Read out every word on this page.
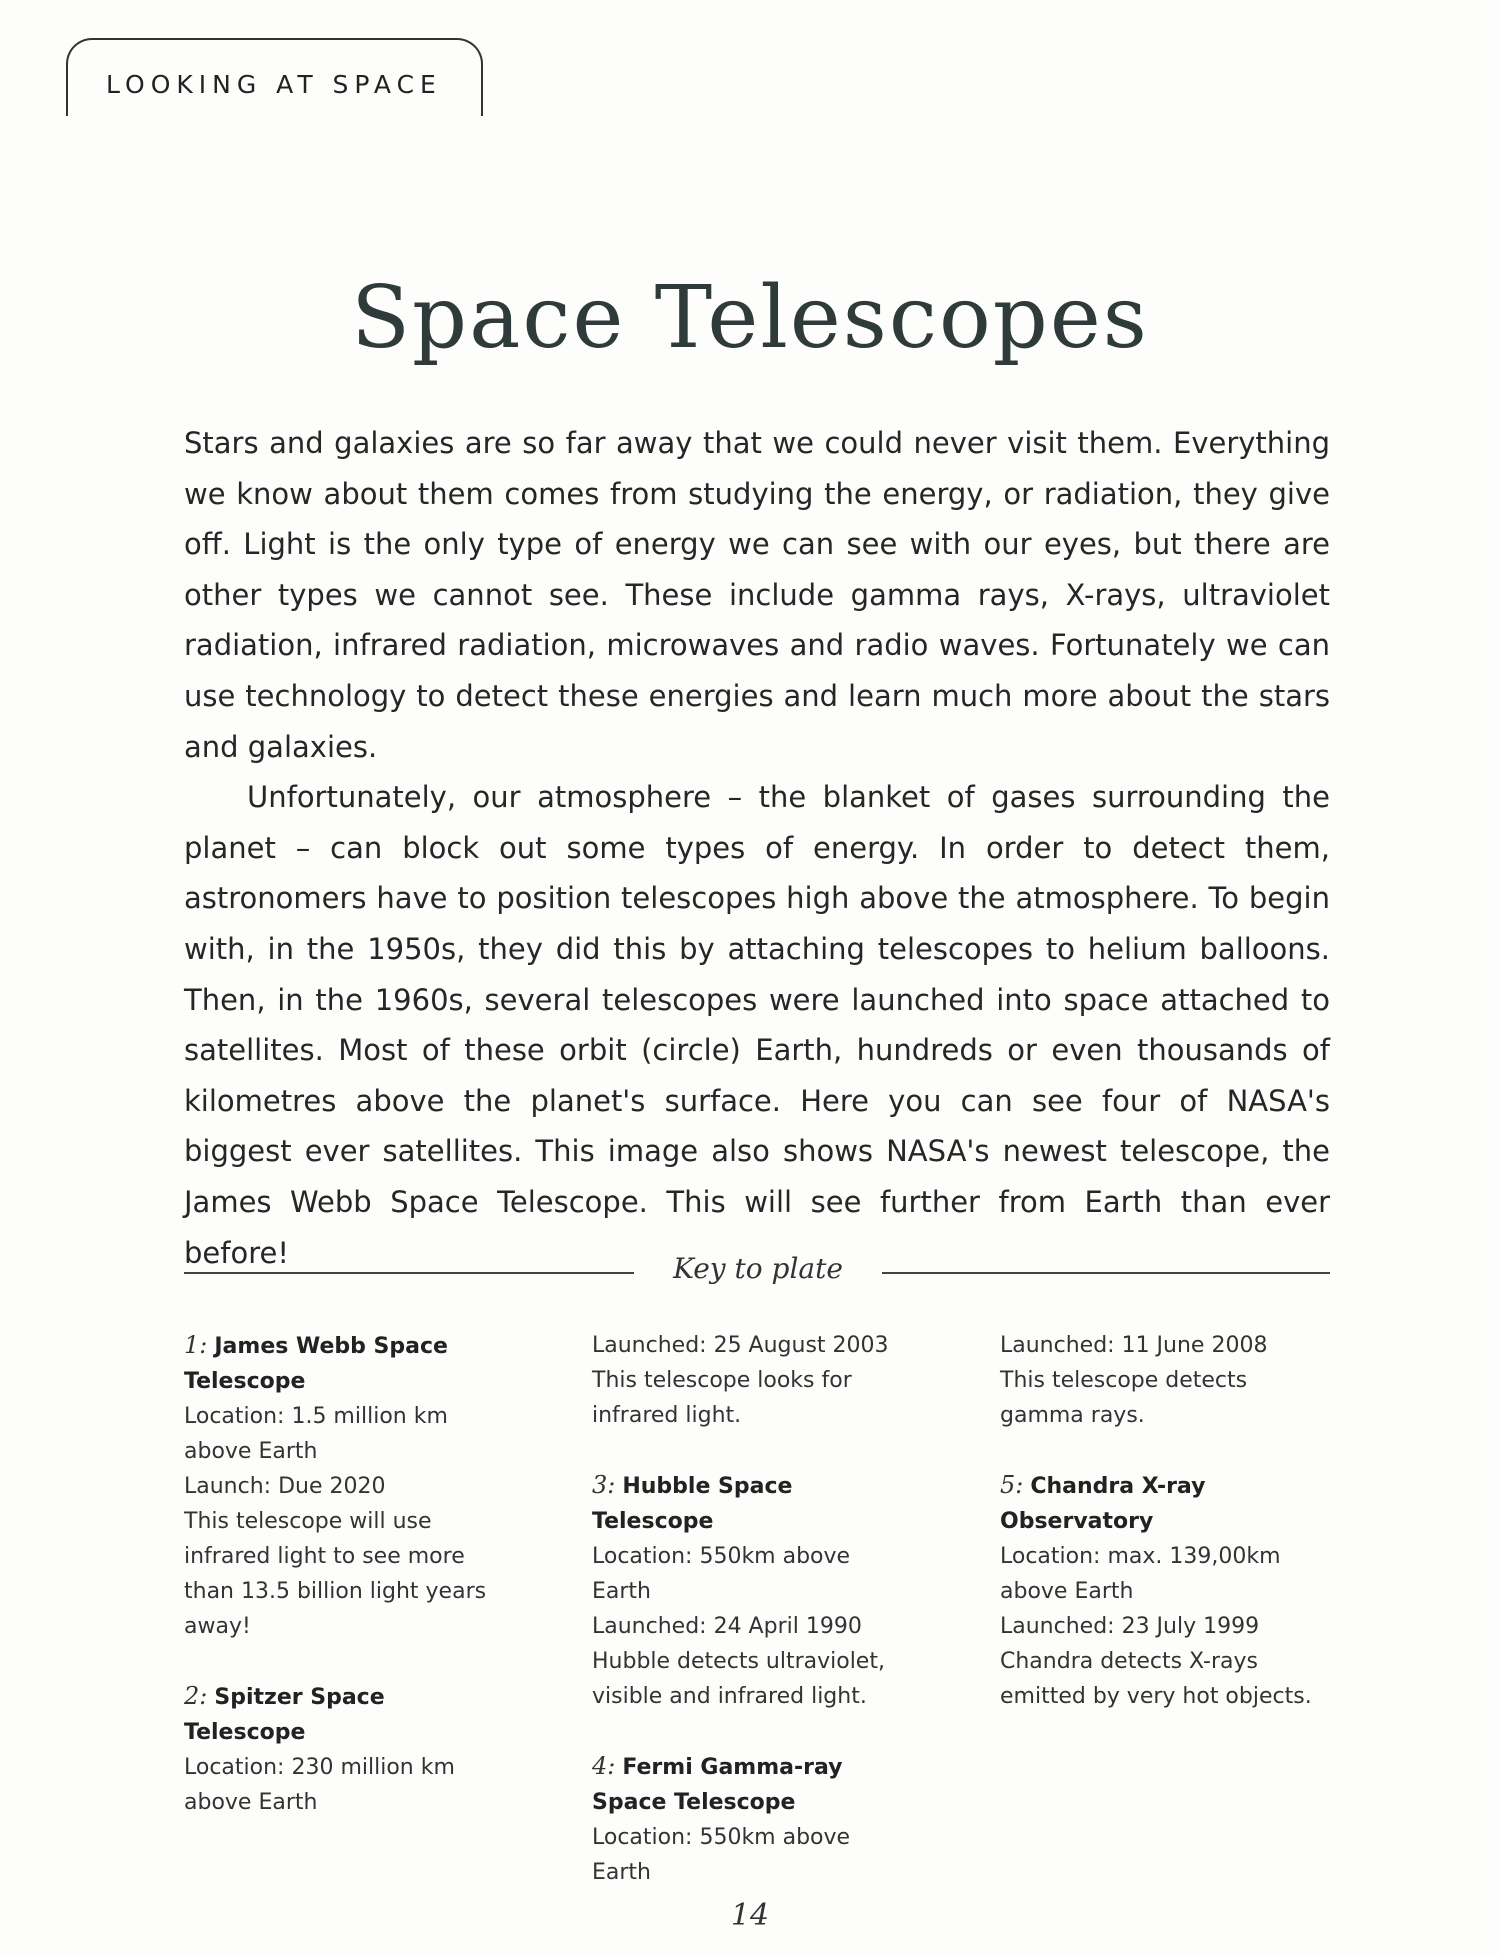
LOOKING AT SPACE
Space Telescopes

Stars and galaxies are so far away that we could never visit them. Everything we know about them comes from studying the energy, or radiation, they give off. Light is the only type of energy we can see with our eyes, but there are other types we cannot see. These include gamma rays, X-rays, ultraviolet radiation, infrared radiation, microwaves and radio waves. Fortunately we can use technology to detect these energies and learn much more about the stars and galaxies.

Unfortunately, our atmosphere – the blanket of gases surrounding the planet – can block out some types of energy. In order to detect them, astronomers have to position telescopes high above the atmosphere. To begin with, in the 1950s, they did this by attaching telescopes to helium balloons. Then, in the 1960s, several telescopes were launched into space attached to satellites. Most of these orbit (circle) Earth, hundreds or even thousands of kilometres above the planet's surface. Here you can see four of NASA's biggest ever satellites. This image also shows NASA's newest telescope, the James Webb Space Telescope. This will see further from Earth than ever before!	Key to plate
1: James Webb Space Telescope
Location: 1.5 million km above Earth
Launch: Due 2020
This telescope will use infrared light to see more than 13.5 billion light years away!
2: Spitzer Space Telescope
Location: 230 million km above Earth
Launched: 25 August 2003
This telescope looks for infrared light.
3: Hubble Space Telescope
Location: 550km above Earth
Launched: 24 April 1990
Hubble detects ultraviolet, visible and infrared light.
4: Fermi Gamma-ray Space Telescope
Location: 550km above Earth
Launched: 11 June 2008
This telescope detects gamma rays.
5: Chandra X-ray Observatory
Location: max. 139,00km above Earth
Launched: 23 July 1999
Chandra detects X-rays emitted by very hot objects.
14
